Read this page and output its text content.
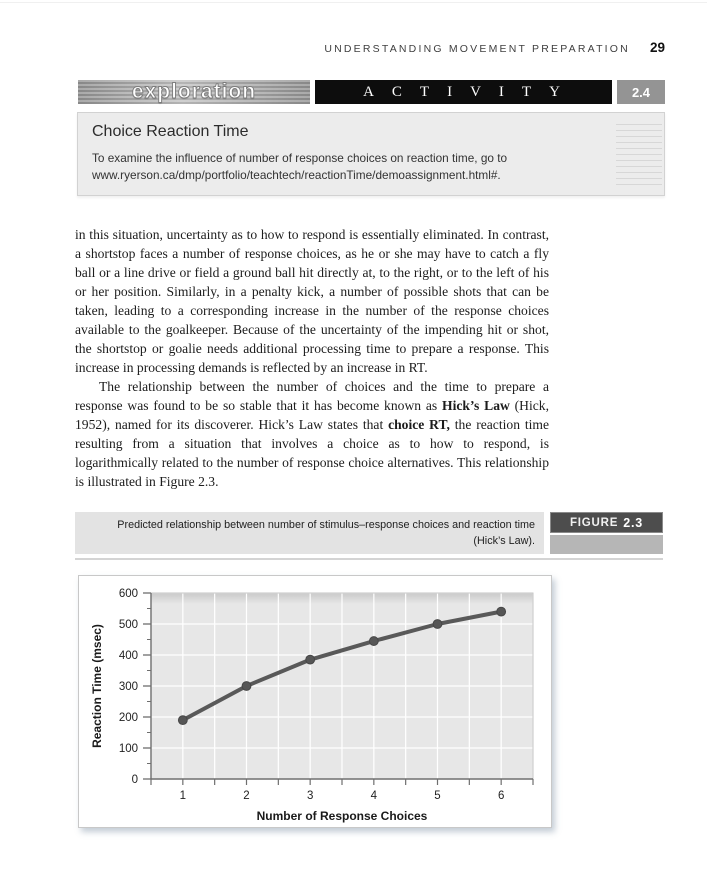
UNDERSTANDING MOVEMENT PREPARATION 29
exploration	ACTIVITY	2.4
Choice Reaction Time
To examine the influence of number of response choices on reaction time, go to www.ryerson.ca/dmp/portfolio/teachtech/reactionTime/demoassignment.html#.
in this situation, uncertainty as to how to respond is essentially eliminated. In contrast, a shortstop faces a number of response choices, as he or she may have to catch a fly ball or a line drive or field a ground ball hit directly at, to the right, or to the left of his or her position. Similarly, in a penalty kick, a number of possible shots that can be taken, leading to a corresponding increase in the number of the response choices available to the goalkeeper. Because of the uncertainty of the impending hit or shot, the shortstop or goalie needs additional processing time to prepare a response. This increase in processing demands is reflected by an increase in RT.
The relationship between the number of choices and the time to prepare a response was found to be so stable that it has become known as Hick’s Law (Hick, 1952), named for its discoverer. Hick’s Law states that choice RT, the reaction time resulting from a situation that involves a choice as to how to respond, is logarithmically related to the number of response choice alternatives. This relationship is illustrated in Figure 2.3.
Predicted relationship between number of stimulus–response choices and reaction time
(Hick’s Law).
FIGURE 2.3
0
100
200
300
400
500
600
1	2	3	4	5	6
Number of Response Choices
Reaction Time (msec)
